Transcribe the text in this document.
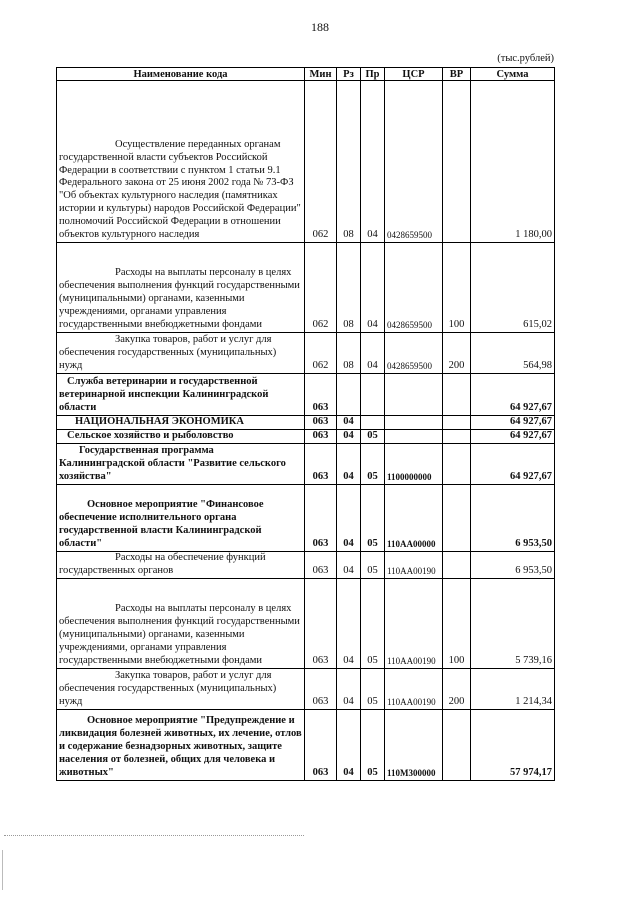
188
(тыс.рублей)
Наименование кода	Мин	Рз	Пр	ЦСР	ВР	Сумма
Осуществление переданных органам государственной власти субъектов Российской Федерации в соответствии с пунктом 1 статьи 9.1 Федерального закона от 25 июня 2002 года № 73-ФЗ "Об объектах культурного наследия (памятниках истории и культуры) народов Российской Федерации" полномочий Российской Федерации в отношении объектов культурного наследия	062	08	04	0428659500		1 180,00
Расходы на выплаты персоналу в целях обеспечения выполнения функций государственными (муниципальными) органами, казенными учреждениями, органами управления государственными внебюджетными фондами	062	08	04	0428659500	100	615,02
Закупка товаров, работ и услуг для обеспечения государственных (муниципальных) нужд	062	08	04	0428659500	200	564,98
Служба ветеринарии и государственной ветеринарной инспекции Калининградской области	063					64 927,67
НАЦИОНАЛЬНАЯ ЭКОНОМИКА	063	04				64 927,67
Сельское хозяйство и рыболовство	063	04	05			64 927,67
Государственная программа Калининградской области "Развитие сельского хозяйства"	063	04	05	1100000000		64 927,67
Основное мероприятие "Финансовое обеспечение исполнительного органа государственной власти Калининградской области"	063	04	05	110АА00000		6 953,50
Расходы на обеспечение функций государственных органов	063	04	05	110АА00190		6 953,50
Расходы на выплаты персоналу в целях обеспечения выполнения функций государственными (муниципальными) органами, казенными учреждениями, органами управления государственными внебюджетными фондами	063	04	05	110АА00190	100	5 739,16
Закупка товаров, работ и услуг для обеспечения государственных (муниципальных) нужд	063	04	05	110АА00190	200	1 214,34
Основное мероприятие "Предупреждение и ликвидация болезней животных, их лечение, отлов и содержание безнадзорных животных, защите населения от болезней, общих для человека и животных"	063	04	05	110М300000		57 974,17
